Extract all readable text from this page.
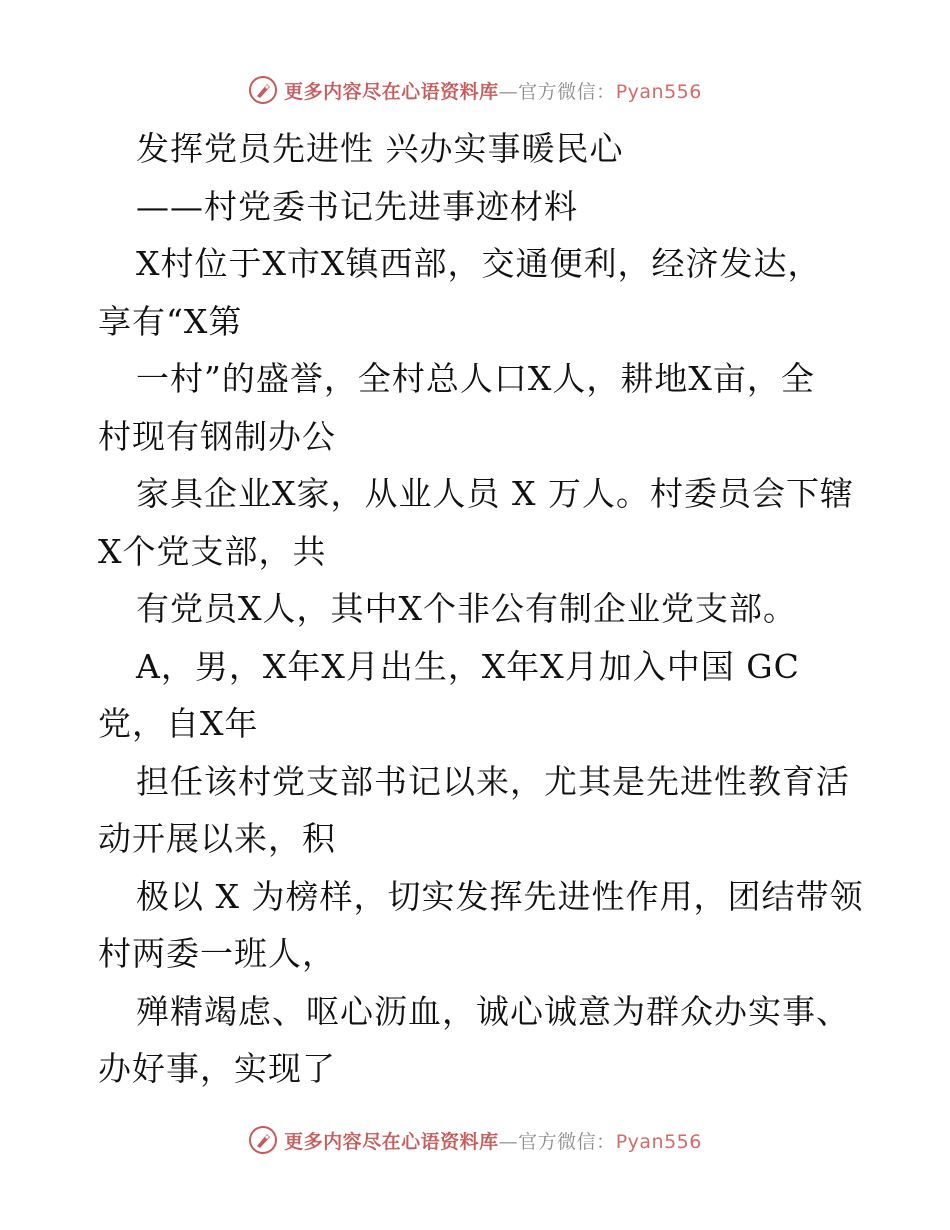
更多内容尽在心语资料库—官方微信：Pyan556
发挥党员先进性 兴办实事暖民心
——村党委书记先进事迹材料
X村位于X市X镇西部，交通便利，经济发达，
享有“X第
一村”的盛誉，全村总人口X人，耕地X亩，全
村现有钢制办公
家具企业X家，从业人员 X 万人。村委员会下辖
X个党支部，共
有党员X人，其中X个非公有制企业党支部。
A，男，X年X月出生，X年X月加入中国 GC
党，自X年
担任该村党支部书记以来，尤其是先进性教育活
动开展以来，积
极以 X 为榜样，切实发挥先进性作用，团结带领
村两委一班人，
殚精竭虑、呕心沥血，诚心诚意为群众办实事、
办好事，实现了
更多内容尽在心语资料库—官方微信：Pyan556
